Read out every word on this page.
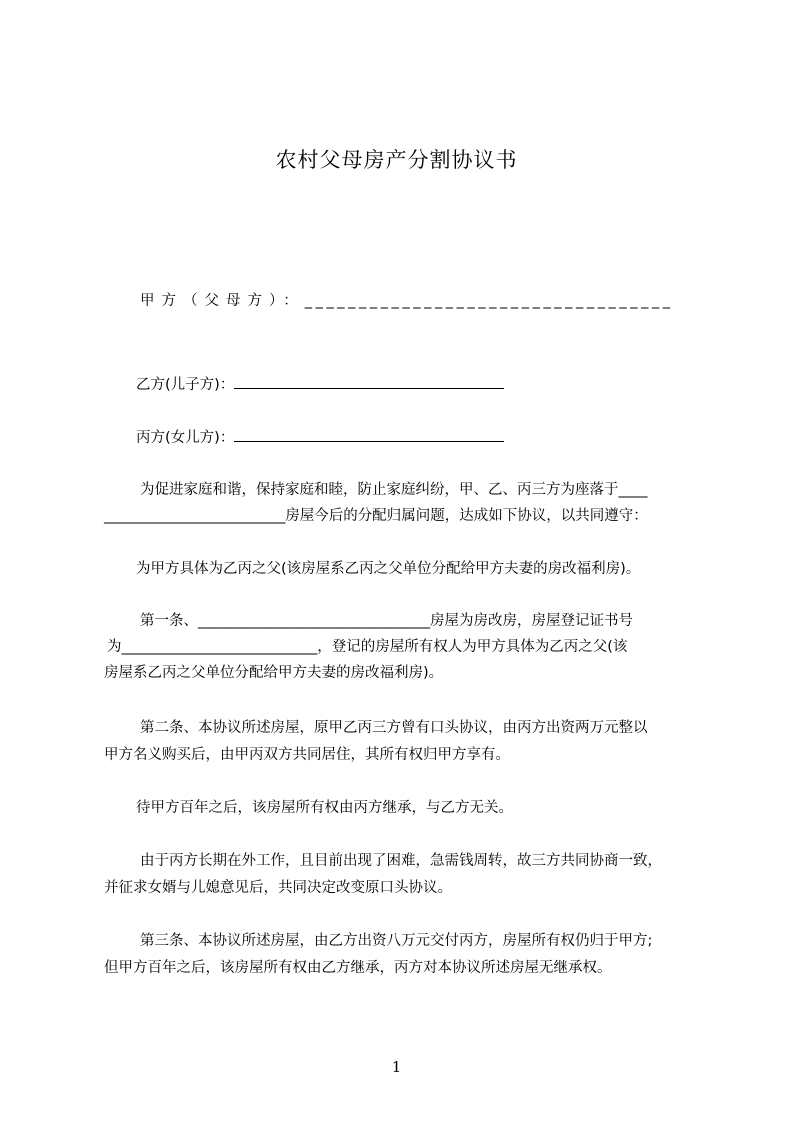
农村父母房产分割协议书
甲方（父母方）：__________________________________
乙方(儿子方)：
丙方(女儿方)：
为促进家庭和谐，保持家庭和睦，防止家庭纠纷，甲、乙、丙三方为座落于____
_________________________房屋今后的分配归属问题，达成如下协议，以共同遵守：
为甲方具体为乙丙之父(该房屋系乙丙之父单位分配给甲方夫妻的房改福利房)。
第一条、________________________________房屋为房改房，房屋登记证书号
为___________________________，登记的房屋所有权人为甲方具体为乙丙之父(该
房屋系乙丙之父单位分配给甲方夫妻的房改福利房)。
第二条、本协议所述房屋，原甲乙丙三方曾有口头协议，由丙方出资两万元整以
甲方名义购买后，由甲丙双方共同居住，其所有权归甲方享有。
待甲方百年之后，该房屋所有权由丙方继承，与乙方无关。
由于丙方长期在外工作，且目前出现了困难，急需钱周转，故三方共同协商一致，
并征求女婿与儿媳意见后，共同决定改变原口头协议。
第三条、本协议所述房屋，由乙方出资八万元交付丙方，房屋所有权仍归于甲方;
但甲方百年之后，该房屋所有权由乙方继承，丙方对本协议所述房屋无继承权。
1
